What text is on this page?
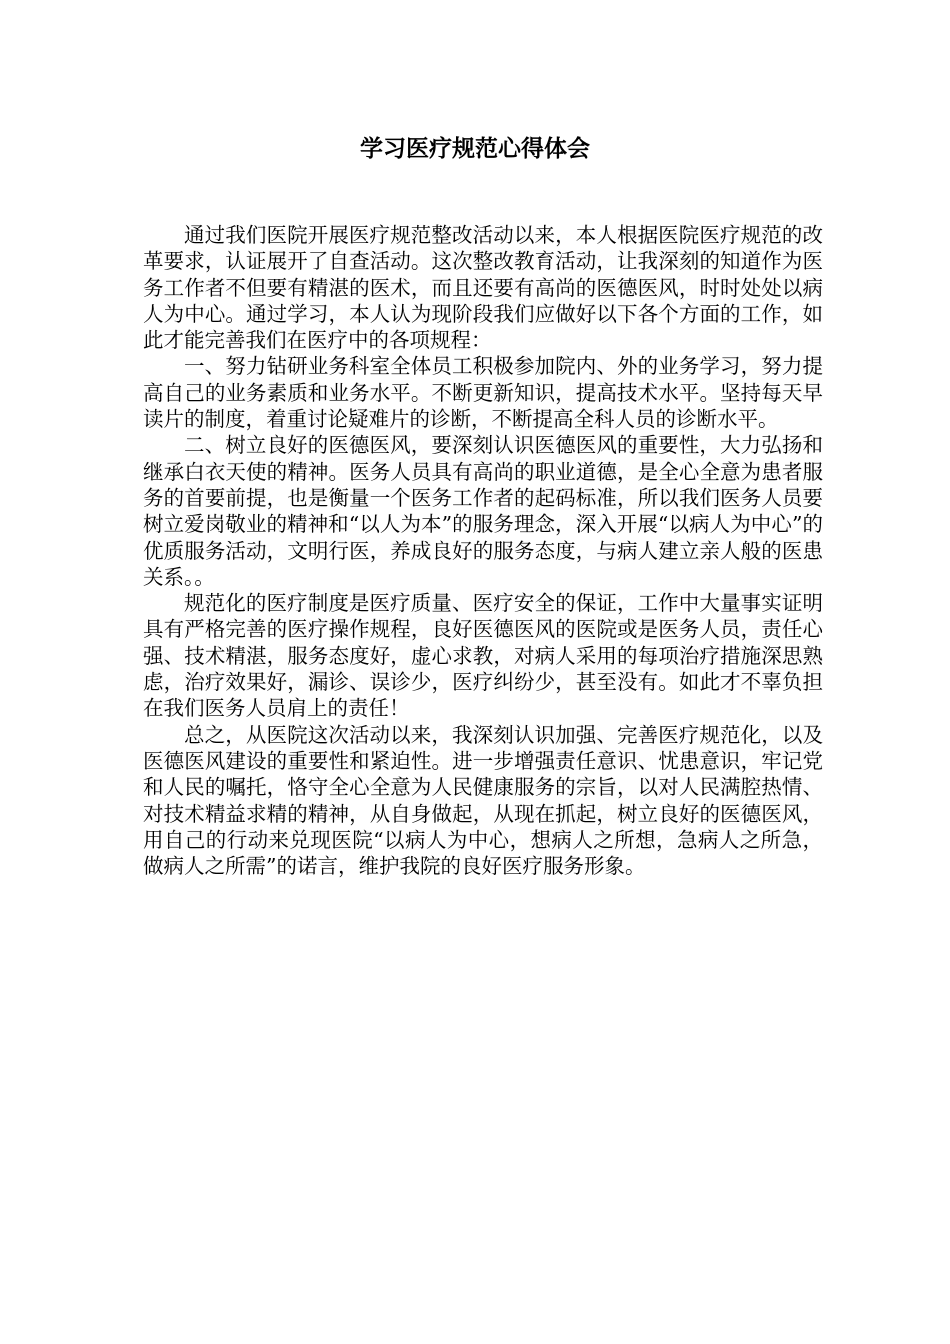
学习医疗规范心得体会

通过我们医院开展医疗规范整改活动以来，本人根据医院医疗规范的改革要求，认证展开了自查活动。这次整改教育活动，让我深刻的知道作为医务工作者不但要有精湛的医术，而且还要有高尚的医德医风，时时处处以病人为中心。通过学习，本人认为现阶段我们应做好以下各个方面的工作，如此才能完善我们在医疗中的各项规程：

一、努力钻研业务科室全体员工积极参加院内、外的业务学习，努力提高自己的业务素质和业务水平。不断更新知识，提高技术水平。坚持每天早读片的制度，着重讨论疑难片的诊断，不断提高全科人员的诊断水平。

二、树立良好的医德医风，要深刻认识医德医风的重要性，大力弘扬和继承白衣天使的精神。医务人员具有高尚的职业道德，是全心全意为患者服务的首要前提，也是衡量一个医务工作者的起码标准，所以我们医务人员要树立爱岗敬业的精神和“以人为本”的服务理念，深入开展“以病人为中心”的优质服务活动，文明行医，养成良好的服务态度，与病人建立亲人般的医患关系。。

规范化的医疗制度是医疗质量、医疗安全的保证，工作中大量事实证明具有严格完善的医疗操作规程，良好医德医风的医院或是医务人员，责任心强、技术精湛，服务态度好，虚心求教，对病人采用的每项治疗措施深思熟虑，治疗效果好，漏诊、误诊少，医疗纠纷少，甚至没有。如此才不辜负担在我们医务人员肩上的责任！

总之，从医院这次活动以来，我深刻认识加强、完善医疗规范化，以及医德医风建设的重要性和紧迫性。进一步增强责任意识、忧患意识，牢记党和人民的嘱托，恪守全心全意为人民健康服务的宗旨，以对人民满腔热情、对技术精益求精的精神，从自身做起，从现在抓起，树立良好的医德医风，用自己的行动来兑现医院“以病人为中心，想病人之所想，急病人之所急，做病人之所需”的诺言，维护我院的良好医疗服务形象。
